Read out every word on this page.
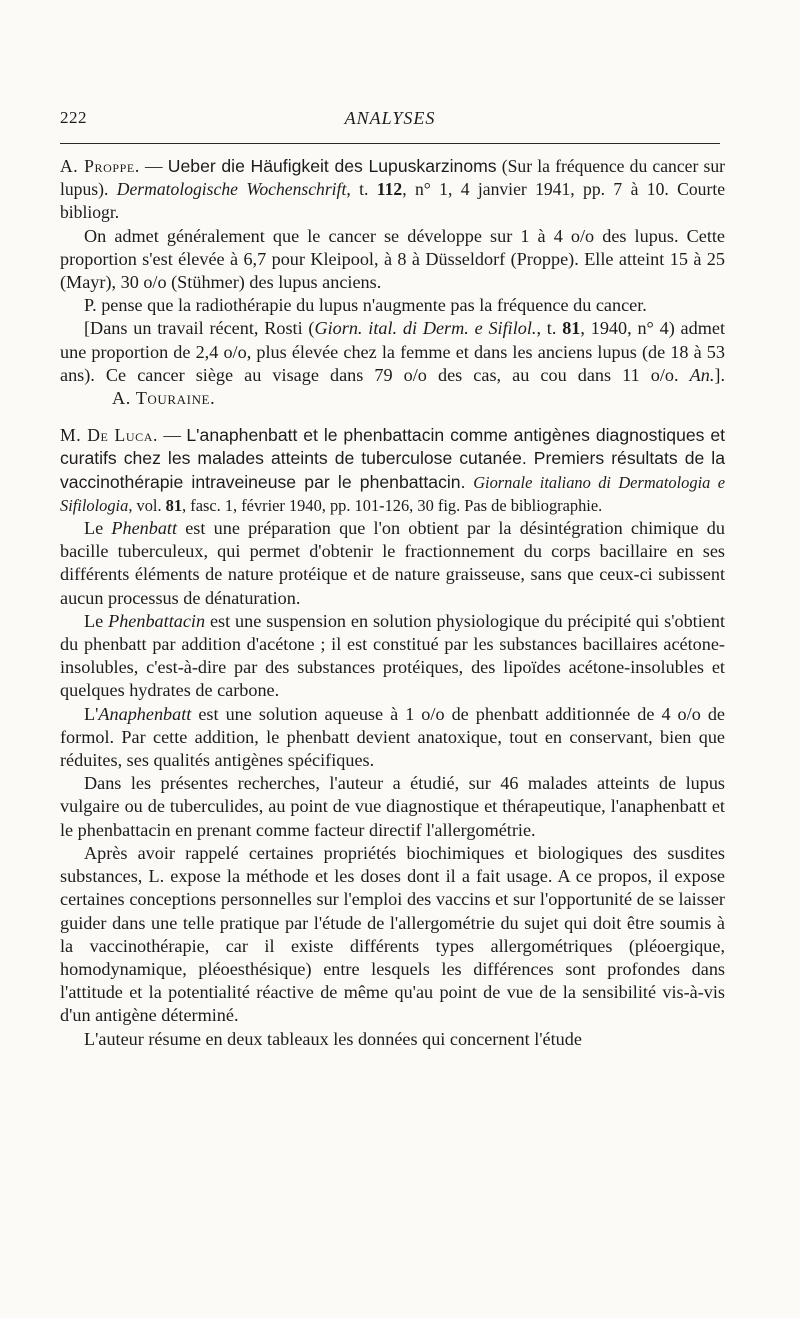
222	ANALYSES

A. Proppe. — Ueber die Häufigkeit des Lupuskarzinoms (Sur la fréquence du cancer sur lupus). Dermatologische Wochenschrift, t. 112, n° 1, 4 janvier 1941, pp. 7 à 10. Courte bibliogr.

On admet généralement que le cancer se développe sur 1 à 4 o/o des lupus. Cette proportion s'est élevée à 6,7 pour Kleipool, à 8 à Düsseldorf (Proppe). Elle atteint 15 à 25 (Mayr), 30 o/o (Stühmer) des lupus anciens.

P. pense que la radiothérapie du lupus n'augmente pas la fréquence du cancer.

[Dans un travail récent, Rosti (Giorn. ital. di Derm. e Sifilol., t. 81, 1940, n° 4) admet une proportion de 2,4 o/o, plus élevée chez la femme et dans les anciens lupus (de 18 à 53 ans). Ce cancer siège au visage dans 79 o/o des cas, au cou dans 11 o/o. An.].A. Touraine.

M. De Luca. — L'anaphenbatt et le phenbattacin comme antigènes diagnostiques et curatifs chez les malades atteints de tuberculose cutanée. Premiers résultats de la vaccinothérapie intraveineuse par le phenbattacin. Giornale italiano di Dermatologia e Sifilologia, vol. 81, fasc. 1, février 1940, pp. 101-126, 30 fig. Pas de bibliographie.

Le Phenbatt est une préparation que l'on obtient par la désintégration chimique du bacille tuberculeux, qui permet d'obtenir le fractionnement du corps bacillaire en ses différents éléments de nature protéique et de nature graisseuse, sans que ceux-ci subissent aucun processus de dénaturation.

Le Phenbattacin est une suspension en solution physiologique du précipité qui s'obtient du phenbatt par addition d'acétone ; il est constitué par les substances bacillaires acétone-insolubles, c'est-à-dire par des substances protéiques, des lipoïdes acétone-insolubles et quelques hydrates de carbone.

L'Anaphenbatt est une solution aqueuse à 1 o/o de phenbatt additionnée de 4 o/o de formol. Par cette addition, le phenbatt devient anatoxique, tout en conservant, bien que réduites, ses qualités antigènes spécifiques.

Dans les présentes recherches, l'auteur a étudié, sur 46 malades atteints de lupus vulgaire ou de tuberculides, au point de vue diagnostique et thérapeutique, l'anaphenbatt et le phenbattacin en prenant comme facteur directif l'allergométrie.

Après avoir rappelé certaines propriétés biochimiques et biologiques des susdites substances, L. expose la méthode et les doses dont il a fait usage. A ce propos, il expose certaines conceptions personnelles sur l'emploi des vaccins et sur l'opportunité de se laisser guider dans une telle pratique par l'étude de l'allergométrie du sujet qui doit être soumis à la vaccinothérapie, car il existe différents types allergométriques (pléoergique, homodynamique, pléoesthésique) entre lesquels les différences sont profondes dans l'attitude et la potentialité réactive de même qu'au point de vue de la sensibilité vis-à-vis d'un antigène déterminé.

L'auteur résume en deux tableaux les données qui concernent l'étude
